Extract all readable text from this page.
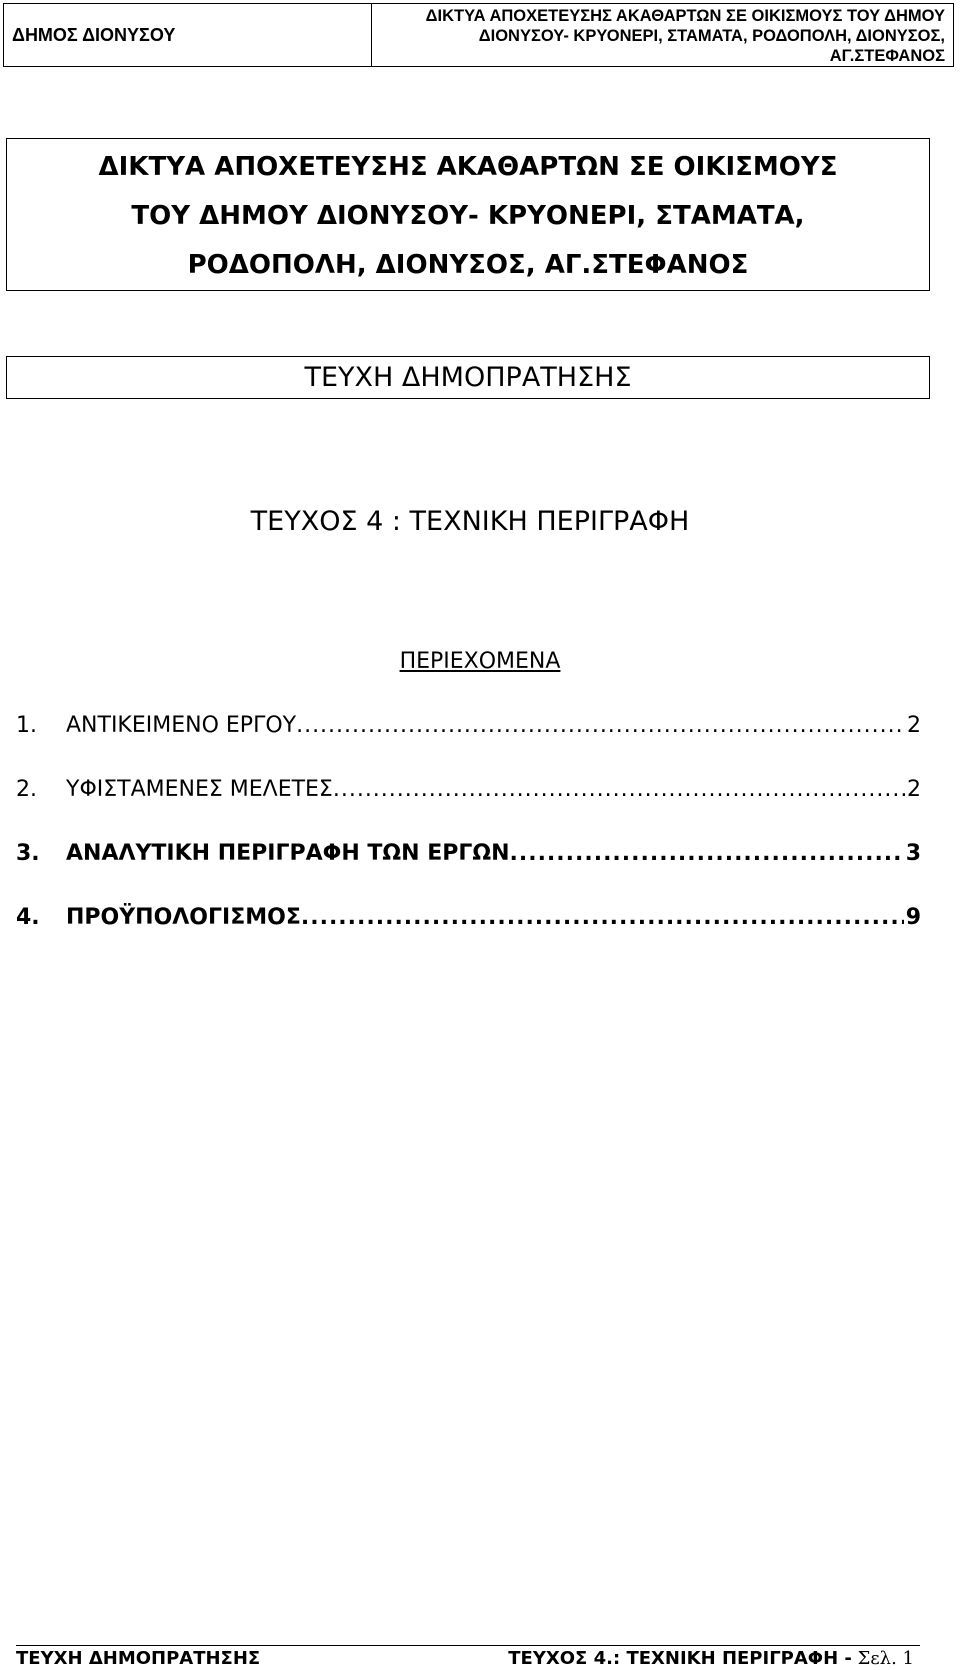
ΔΗΜΟΣ ΔΙΟΝΥΣΟΥ
ΔΙΚΤΥΑ ΑΠΟΧΕΤΕΥΣΗΣ ΑΚΑΘΑΡΤΩΝ ΣΕ ΟΙΚΙΣΜΟΥΣ ΤΟΥ ΔΗΜΟΥ
ΔΙΟΝΥΣΟΥ- ΚΡΥΟΝΕΡΙ, ΣΤΑΜΑΤΑ, ΡΟΔΟΠΟΛΗ, ΔΙΟΝΥΣΟΣ,
ΑΓ.ΣΤΕΦΑΝΟΣ
ΔΙΚΤΥΑ ΑΠΟΧΕΤΕΥΣΗΣ ΑΚΑΘΑΡΤΩΝ ΣΕ ΟΙΚΙΣΜΟΥΣ
ΤΟΥ ΔΗΜΟΥ ΔΙΟΝΥΣΟΥ- ΚΡΥΟΝΕΡΙ, ΣΤΑΜΑΤΑ,
ΡΟΔΟΠΟΛΗ, ΔΙΟΝΥΣΟΣ, ΑΓ.ΣΤΕΦΑΝΟΣ
ΤΕΥΧΗ ΔΗΜΟΠΡΑΤΗΣΗΣ
ΤΕΥΧΟΣ 4 : ΤΕΧΝΙΚΗ ΠΕΡΙΓΡΑΦΗ
ΠΕΡΙΕΧΟΜΕΝΑ
1.	ΑΝΤΙΚΕΙΜΕΝΟ ΕΡΓΟΥ .....	2
2.	ΥΦΙΣΤΑΜΕΝΕΣ ΜΕΛΕΤΕΣ .....	2
3.	ΑΝΑΛΥΤΙΚΗ ΠΕΡΙΓΡΑΦΗ ΤΩΝ ΕΡΓΩΝ .....	3
4.	ΠΡΟΫΠΟΛΟΓΙΣΜΟΣ .....	9
ΤΕΥΧΗ ΔΗΜΟΠΡΑΤΗΣΗΣ	ΤΕΥΧΟΣ 4.: ΤΕΧΝΙΚΗ ΠΕΡΙΓΡΑΦΗ - Σελ. 1
